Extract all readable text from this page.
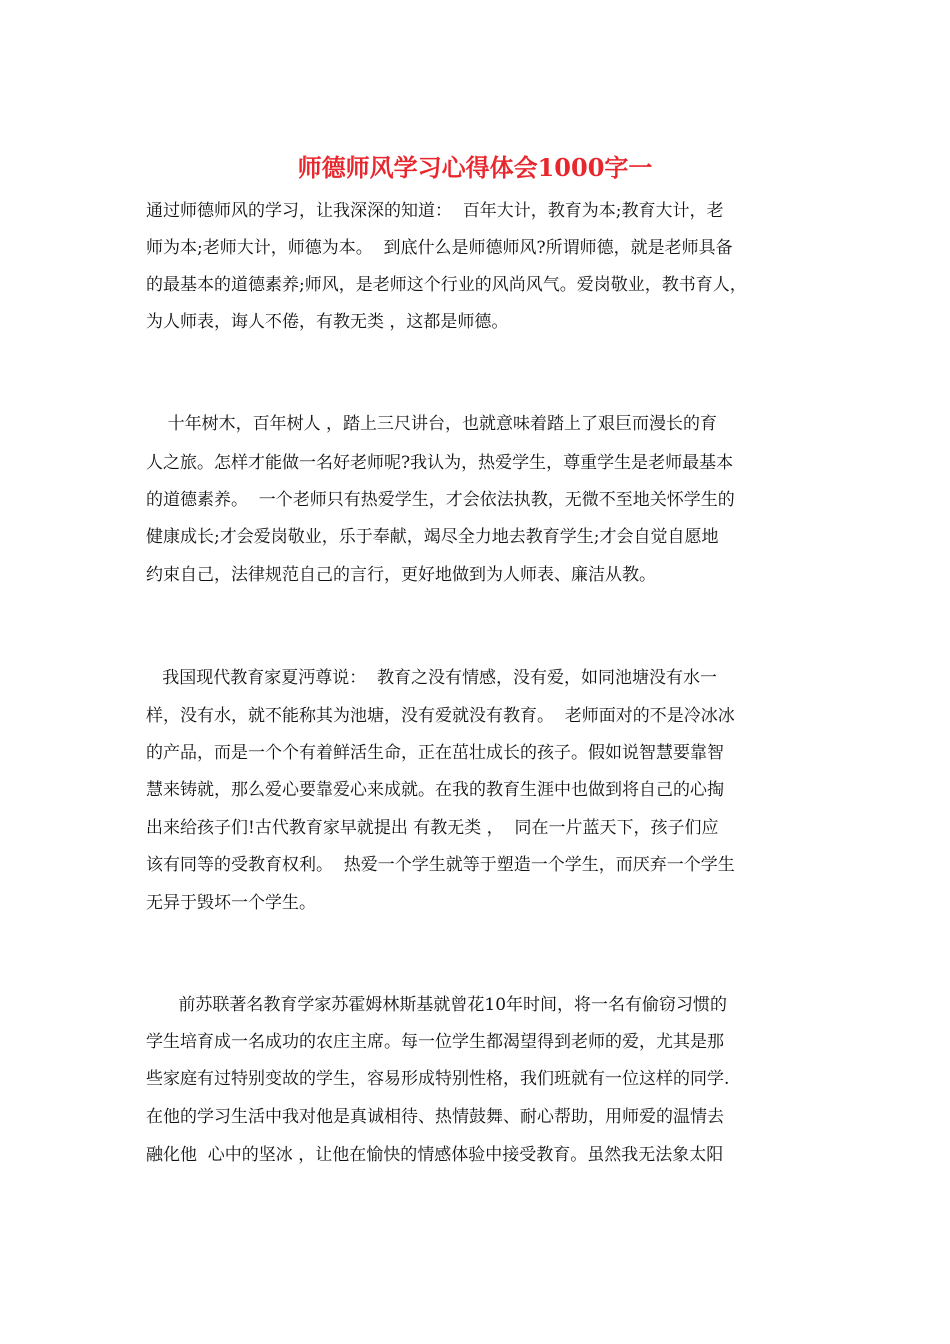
师德师风学习心得体会1000字一

通过师德师风的学习，让我深深的知道：  百年大计，教育为本;教育大计，老

师为本;老师大计，师德为本。  到底什么是师德师风?所谓师德，就是老师具备

的最基本的道德素养;师风，是老师这个行业的风尚风气。爱岗敬业，教书育人，

为人师表，诲人不倦，有教无类 ，这都是师德。

十年树木，百年树人 ，踏上三尺讲台，也就意味着踏上了艰巨而漫长的育

人之旅。怎样才能做一名好老师呢?我认为，热爱学生，尊重学生是老师最基本

的道德素养。  一个老师只有热爱学生，才会依法执教，无微不至地关怀学生的

健康成长;才会爱岗敬业，乐于奉献，竭尽全力地去教育学生;才会自觉自愿地

约束自己，法律规范自己的言行，更好地做到为人师表、廉洁从教。

我国现代教育家夏沔尊说：  教育之没有情感，没有爱，如同池塘没有水一

样，没有水，就不能称其为池塘，没有爱就没有教育。  老师面对的不是冷冰冰

的产品，而是一个个有着鲜活生命，正在茁壮成长的孩子。假如说智慧要靠智

慧来铸就，那么爱心要靠爱心来成就。在我的教育生涯中也做到将自己的心掏

出来给孩子们!古代教育家早就提出 有教无类 ，  同在一片蓝天下，孩子们应

该有同等的受教育权利。  热爱一个学生就等于塑造一个学生，而厌弃一个学生

无异于毁坏一个学生。

前苏联著名教育学家苏霍姆林斯基就曾花10年时间，将一名有偷窃习惯的

学生培育成一名成功的农庄主席。每一位学生都渴望得到老师的爱，尤其是那

些家庭有过特别变故的学生，容易形成特别性格，我们班就有一位这样的同学.

在他的学习生活中我对他是真诚相待、热情鼓舞、耐心帮助，用师爱的温情去

融化他  心中的坚冰 ，让他在愉快的情感体验中接受教育。虽然我无法象太阳
